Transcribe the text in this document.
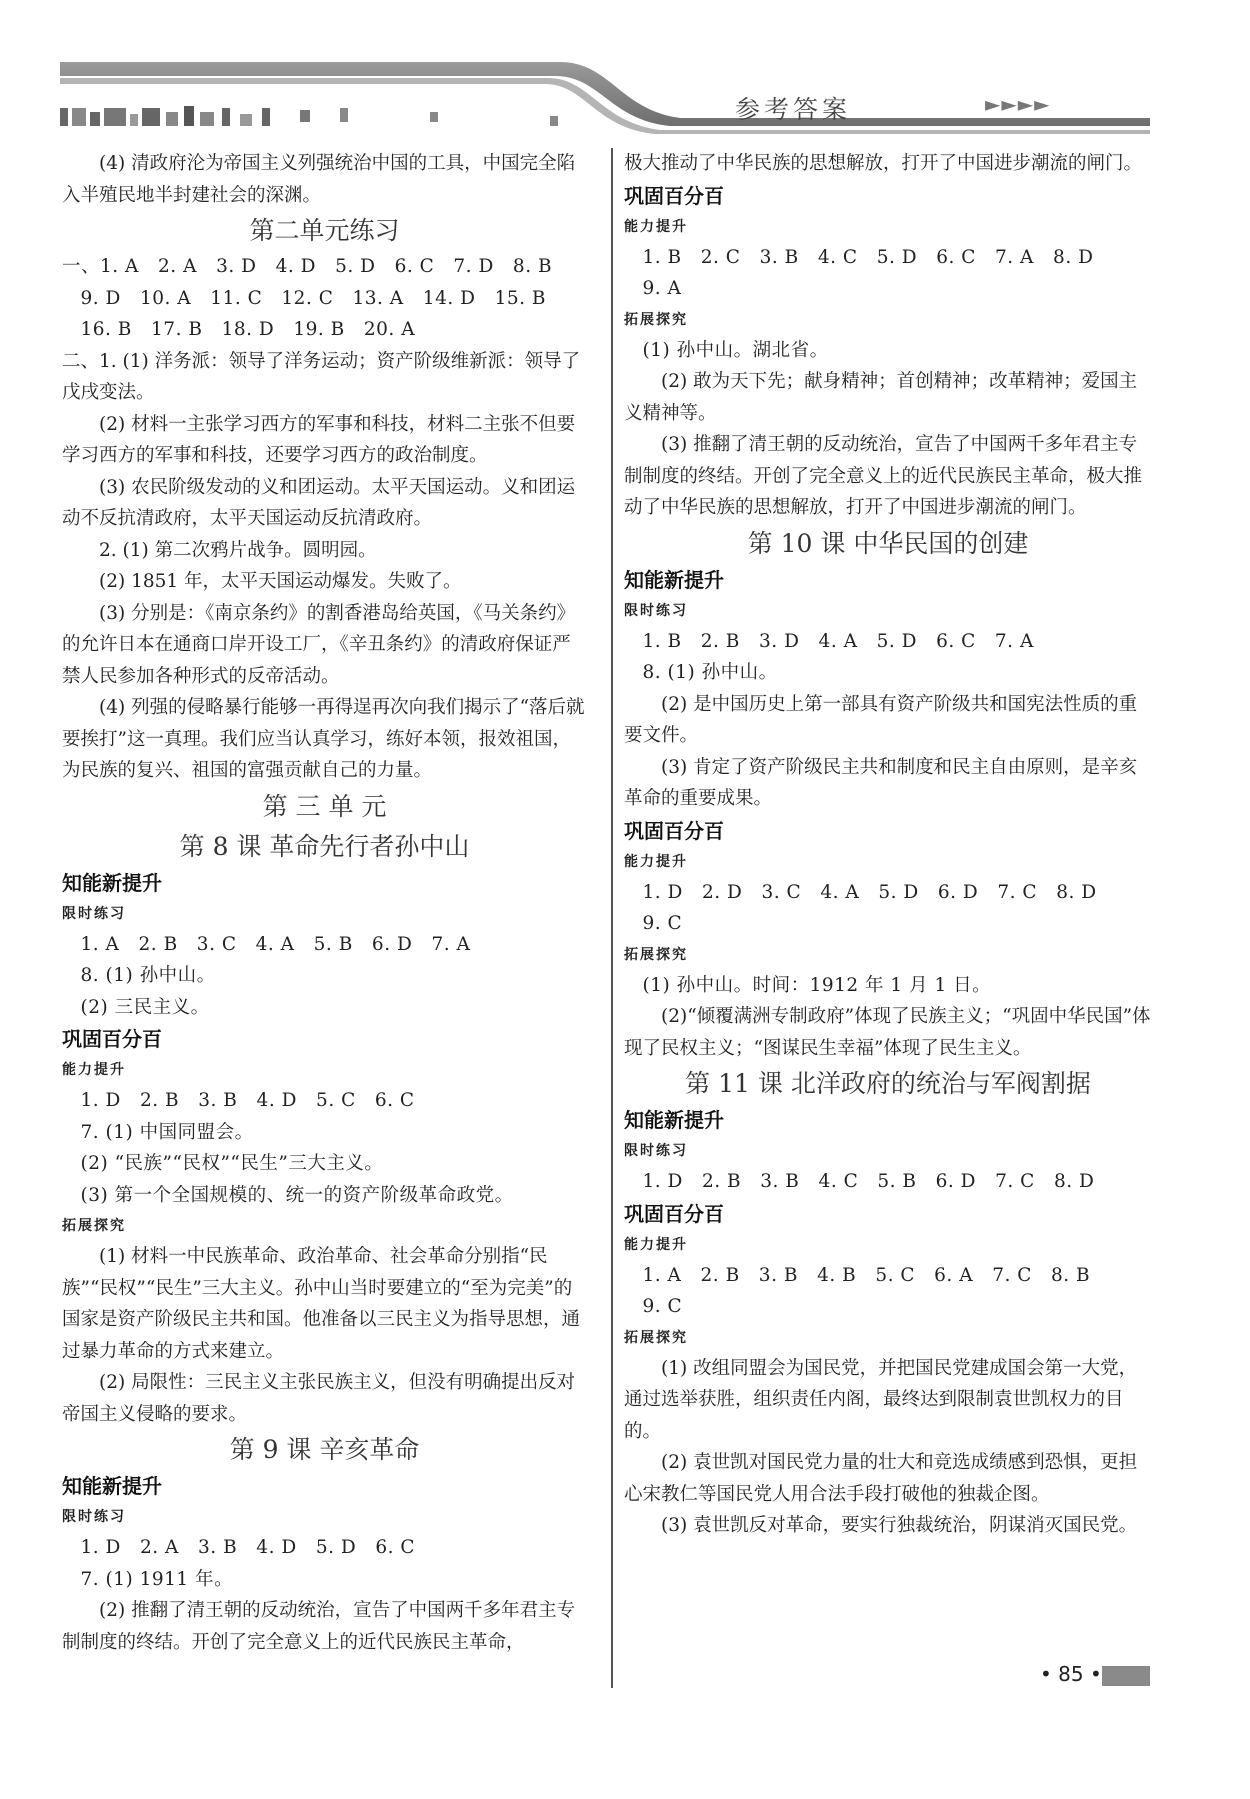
参考答案	►►►►

(4) 清政府沦为帝国主义列强统治中国的工具，中国完全陷入半殖民地半封建社会的深渊。

第二单元练习

一、1. A   2. A   3. D   4. D   5. D   6. C   7. D   8. B

9. D   10. A   11. C   12. C   13. A   14. D   15. B

16. B   17. B   18. D   19. B   20. A

二、1. (1) 洋务派：领导了洋务运动；资产阶级维新派：领导了戊戌变法。

(2) 材料一主张学习西方的军事和科技，材料二主张不但要学习西方的军事和科技，还要学习西方的政治制度。

(3) 农民阶级发动的义和团运动。太平天国运动。义和团运动不反抗清政府，太平天国运动反抗清政府。

2. (1) 第二次鸦片战争。圆明园。

(2) 1851 年，太平天国运动爆发。失败了。

(3) 分别是：《南京条约》的割香港岛给英国，《马关条约》的允许日本在通商口岸开设工厂，《辛丑条约》的清政府保证严禁人民参加各种形式的反帝活动。

(4) 列强的侵略暴行能够一再得逞再次向我们揭示了“落后就要挨打”这一真理。我们应当认真学习，练好本领，报效祖国，为民族的复兴、祖国的富强贡献自己的力量。

第 三 单 元

第 8 课 革命先行者孙中山

知能新提升

限时练习

1. A   2. B   3. C   4. A   5. B   6. D   7. A

8. (1) 孙中山。

(2) 三民主义。

巩固百分百

能力提升

1. D   2. B   3. B   4. D   5. C   6. C

7. (1) 中国同盟会。

(2) “民族”“民权”“民生”三大主义。

(3) 第一个全国规模的、统一的资产阶级革命政党。

拓展探究

(1) 材料一中民族革命、政治革命、社会革命分别指“民族”“民权”“民生”三大主义。孙中山当时要建立的“至为完美”的国家是资产阶级民主共和国。他准备以三民主义为指导思想，通过暴力革命的方式来建立。

(2) 局限性：三民主义主张民族主义，但没有明确提出反对帝国主义侵略的要求。

第 9 课 辛亥革命

知能新提升

限时练习

1. D   2. A   3. B   4. D   5. D   6. C

7. (1) 1911 年。

(2) 推翻了清王朝的反动统治，宣告了中国两千多年君主专制制度的终结。开创了完全意义上的近代民族民主革命，

极大推动了中华民族的思想解放，打开了中国进步潮流的闸门。

巩固百分百

能力提升

1. B   2. C   3. B   4. C   5. D   6. C   7. A   8. D

9. A

拓展探究

(1) 孙中山。湖北省。

(2) 敢为天下先；献身精神；首创精神；改革精神；爱国主义精神等。

(3) 推翻了清王朝的反动统治，宣告了中国两千多年君主专制制度的终结。开创了完全意义上的近代民族民主革命，极大推动了中华民族的思想解放，打开了中国进步潮流的闸门。

第 10 课 中华民国的创建

知能新提升

限时练习

1. B   2. B   3. D   4. A   5. D   6. C   7. A

8. (1) 孙中山。

(2) 是中国历史上第一部具有资产阶级共和国宪法性质的重要文件。

(3) 肯定了资产阶级民主共和制度和民主自由原则，是辛亥革命的重要成果。

巩固百分百

能力提升

1. D   2. D   3. C   4. A   5. D   6. D   7. C   8. D

9. C

拓展探究

(1) 孙中山。时间：1912 年 1 月 1 日。

(2)“倾覆满洲专制政府”体现了民族主义；“巩固中华民国”体现了民权主义；“图谋民生幸福”体现了民生主义。

第 11 课 北洋政府的统治与军阀割据

知能新提升

限时练习

1. D   2. B   3. B   4. C   5. B   6. D   7. C   8. D

巩固百分百

能力提升

1. A   2. B   3. B   4. B   5. C   6. A   7. C   8. B

9. C

拓展探究

(1) 改组同盟会为国民党，并把国民党建成国会第一大党，通过选举获胜，组织责任内阁，最终达到限制袁世凯权力的目的。

(2) 袁世凯对国民党力量的壮大和竞选成绩感到恐惧，更担心宋教仁等国民党人用合法手段打破他的独裁企图。

(3) 袁世凯反对革命，要实行独裁统治，阴谋消灭国民党。

• 85 •
